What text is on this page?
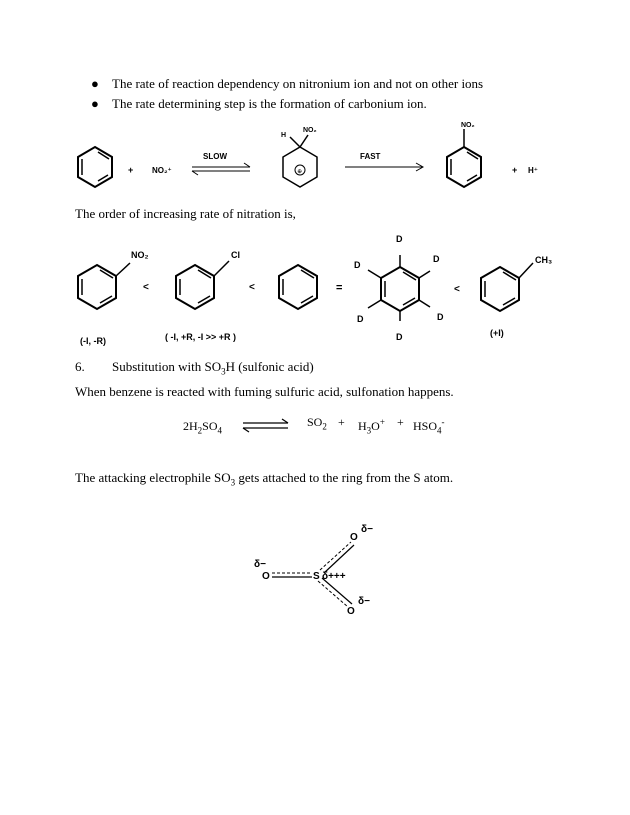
● The rate of reaction dependency on nitronium ion and not on other ions
● The rate determining step is the formation of carbonium ion.
+ NO₂⁺
SLOW
⊕
H
NO₂
FAST
NO₂
+ H⁺
The order of increasing rate of nitration is,
NO₂
(-I, -R)
<
Cl
( -I, +R, -I >> +R )
<	=
D
D
D
D
D
D
<
CH₃
(+I)
6. Substitution with $SO_3H$ (sulfonic acid)
When benzene is reacted with fuming sulfuric acid, sulfonation happens.
$2H_2SO_4$ ⇌ $SO_2 + H_3O^+ + HSO_4^-$
The attacking electrophile $SO_3$ gets attached to the ring from the S atom.
O
δ−
S δ+++
O
δ−
O
δ−
